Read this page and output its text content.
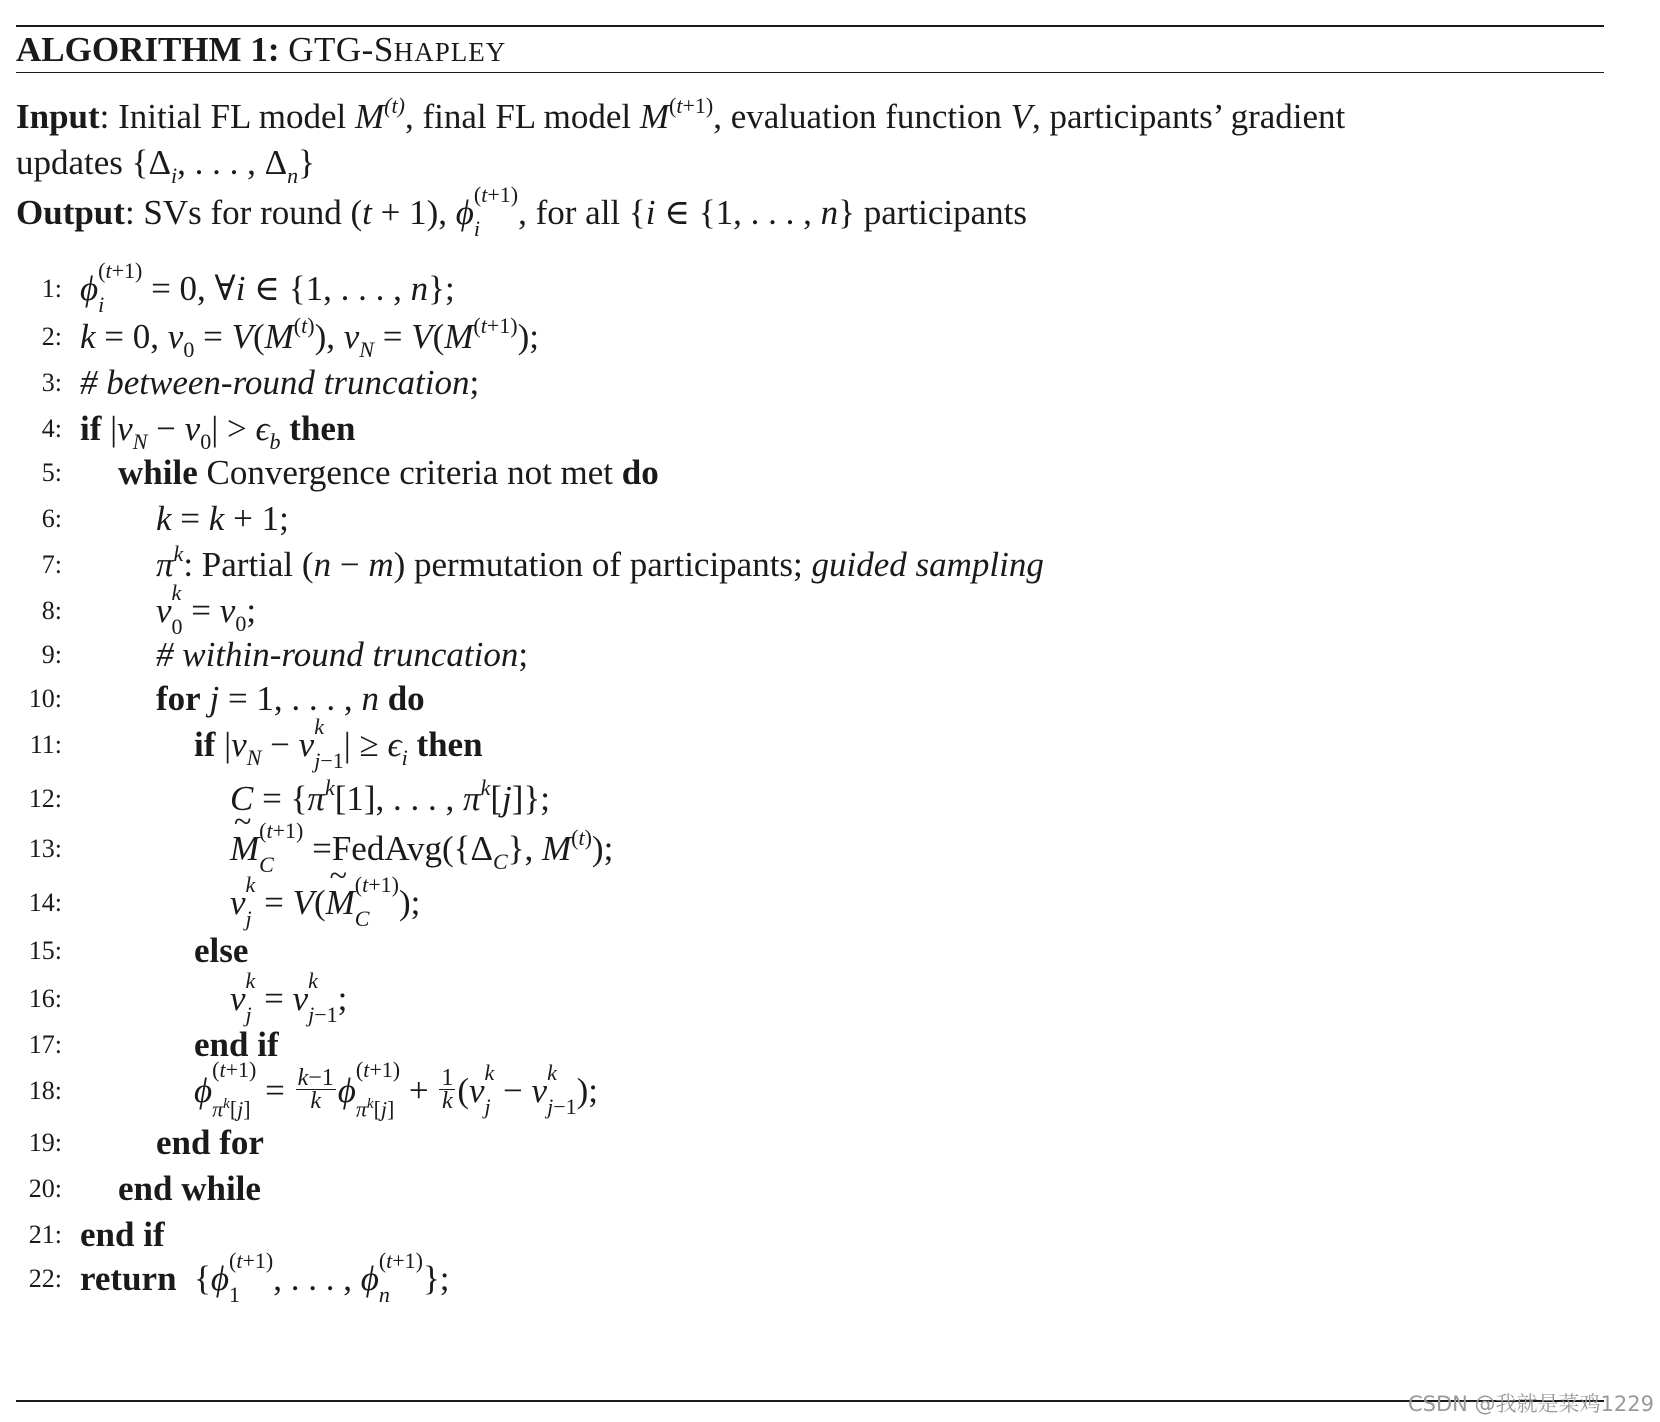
ALGORITHM 1: GTG-SHAPLEY
Input: Initial FL model $M^{(t)}$, final FL model $M^{(t+1)}$, evaluation function V, participants’ gradient
updates {$\Delta_i$, . . . , $\Delta_n$}
Output: SVs for round (t + 1), ϕ (t+1)
i	, for all {i ∈ {1, . . . , n} participants
1: ϕ (t+1)
i	= 0, ∀i ∈ {1, . . . , n};
2: k = 0, $v_0 = V(M^{(t)})$, $v_N = V(M^{(t+1)})$;
3: # between-round truncation;
4: if $|v_N - v_0| > \epsilon_b$ then
5: while Convergence criteria not met do
6:	k = k + 1;
7:	$\pi^k$: Partial (n − m) permutation of participants; guided sampling
8:	v k
$0 = v_0$;
9:	# within-round truncation;
10:	for j = 1, . . . , n do
11:	if $|v_N - v$ k
j−1 | ≥ $\epsilon_i$ then
12:	$C = \{\pi^k[1]$, . . . , $\pi^k[j]$};
13:
~	M (t+1)
C	$=FedAvg(\{\Delta_C\}$, $M^{(t)}$);
14:	v k
j = V(~ M (t+1)
C );
15:	else
16:	v k
j = v k
j−1 ;
17:	end if
18:	ϕ
(t+1)
$\pi^k[j] = \frac{k-1}{k}$ ϕ
(t+1)
$\pi^k[j] + \frac{1}{k} (v$ k
j − v k
j−1 );
19:	end for
20: end while
21: end if
22: return  {ϕ (t+1)
1 , . . . , ϕ (t+1)
n };
CSDN @我就是菜鸡1229
